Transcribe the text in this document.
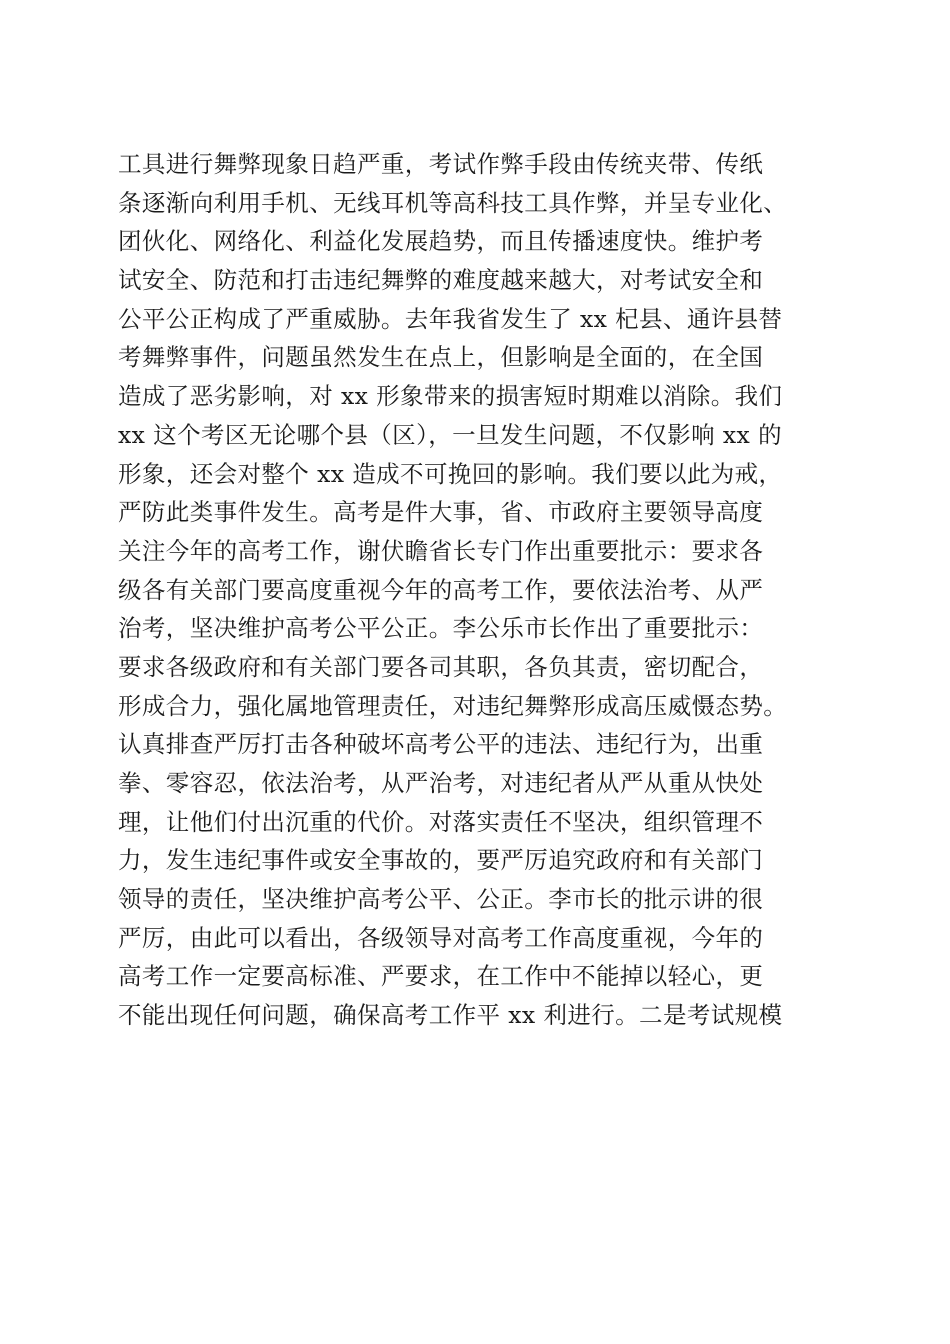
工具进行舞弊现象日趋严重，考试作弊手段由传统夹带、传纸
条逐渐向利用手机、无线耳机等高科技工具作弊，并呈专业化、
团伙化、网络化、利益化发展趋势，而且传播速度快。维护考
试安全、防范和打击违纪舞弊的难度越来越大，对考试安全和
公平公正构成了严重威胁。去年我省发生了 xx 杞县、通许县替
考舞弊事件，问题虽然发生在点上，但影响是全面的，在全国
造成了恶劣影响，对 xx 形象带来的损害短时期难以消除。我们
xx 这个考区无论哪个县（区），一旦发生问题，不仅影响 xx 的
形象，还会对整个 xx 造成不可挽回的影响。我们要以此为戒，
严防此类事件发生。高考是件大事，省、市政府主要领导高度
关注今年的高考工作，谢伏瞻省长专门作出重要批示：要求各
级各有关部门要高度重视今年的高考工作，要依法治考、从严
治考，坚决维护高考公平公正。李公乐市长作出了重要批示：
要求各级政府和有关部门要各司其职，各负其责，密切配合，
形成合力，强化属地管理责任，对违纪舞弊形成高压威慑态势。
认真排查严厉打击各种破坏高考公平的违法、违纪行为，出重
拳、零容忍，依法治考，从严治考，对违纪者从严从重从快处
理，让他们付出沉重的代价。对落实责任不坚决，组织管理不
力，发生违纪事件或安全事故的，要严厉追究政府和有关部门
领导的责任，坚决维护高考公平、公正。李市长的批示讲的很
严厉，由此可以看出，各级领导对高考工作高度重视，今年的
高考工作一定要高标准、严要求，在工作中不能掉以轻心，更
不能出现任何问题，确保高考工作平 xx 利进行。二是考试规模
